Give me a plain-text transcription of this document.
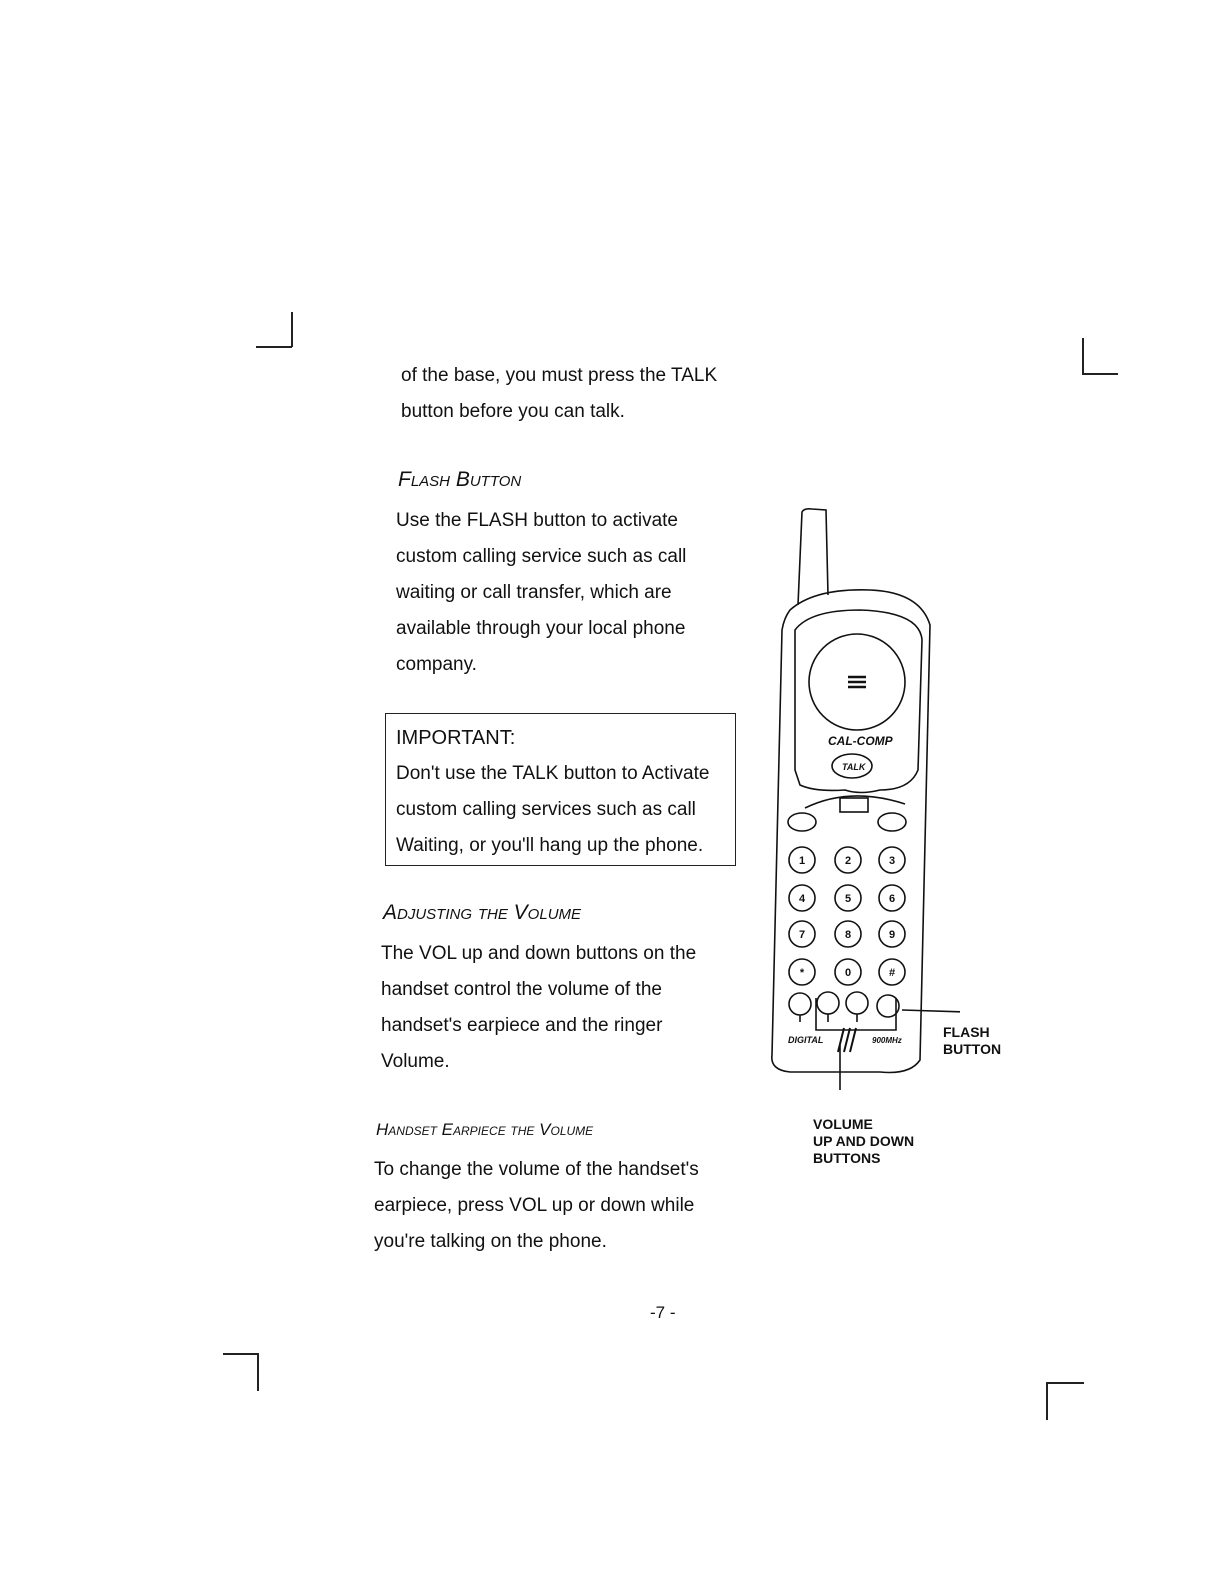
of the base, you must press the TALK
button before you can talk.
Flash Button
Use the FLASH button to activate
custom calling service such as call
waiting or call transfer, which are
available through your local phone
company.
IMPORTANT:
Don't use the TALK button to Activate
custom calling services such as call
Waiting, or you'll hang up the phone.
Adjusting the Volume
The VOL up and down buttons on the
handset control the volume of the
handset's earpiece and the ringer
Volume.
Handset Earpiece the Volume
To change the volume of the handset's
earpiece, press VOL up or down while
you're talking on the phone.
CAL-COMP
TALK
1	2	3
4	5	6
7	8	9
*	0	#
DIGITAL	900MHz
FLASH
BUTTON
VOLUME
UP AND DOWN
BUTTONS
-7 -
